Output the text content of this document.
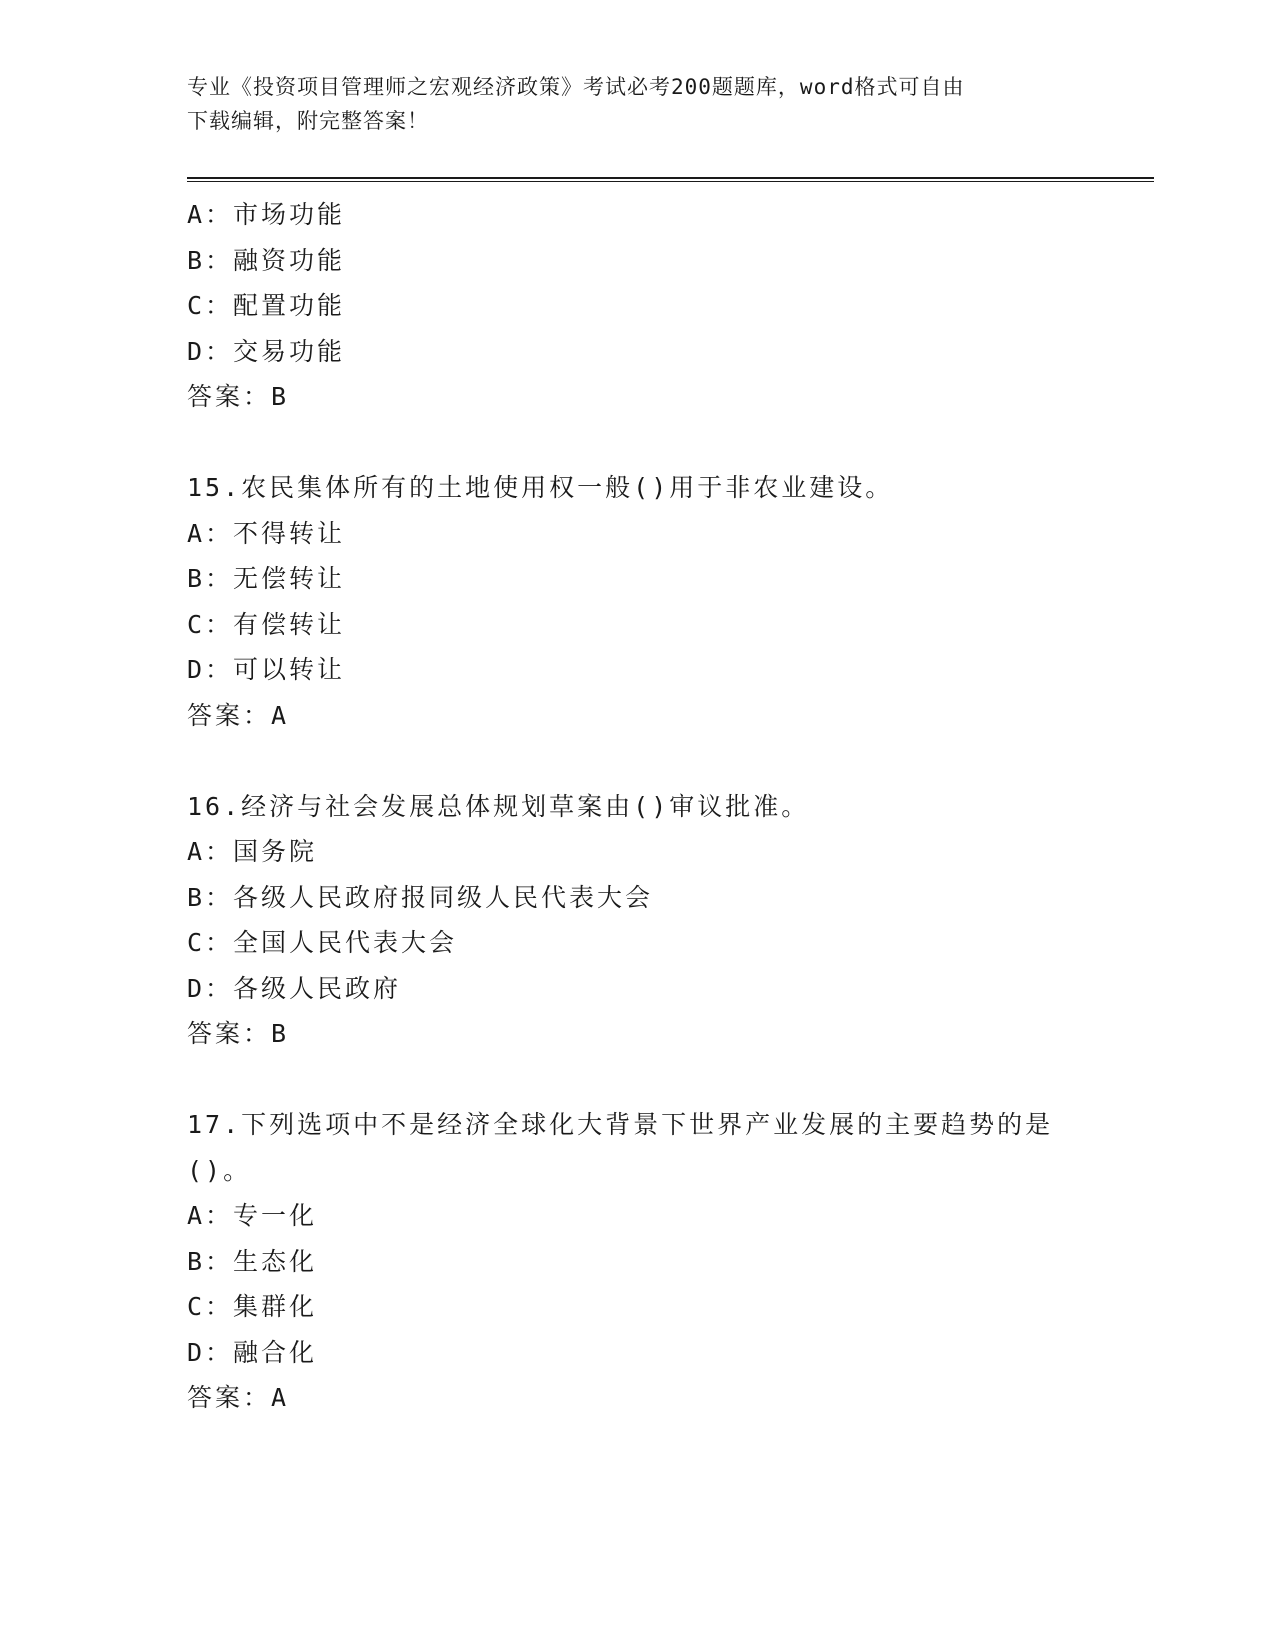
专业《投资项目管理师之宏观经济政策》考试必考200题题库，word格式可自由
下载编辑，附完整答案！
A：市场功能
B：融资功能
C：配置功能
D：交易功能
答案：B
15.农民集体所有的土地使用权一般()用于非农业建设。
A：不得转让
B：无偿转让
C：有偿转让
D：可以转让
答案：A
16.经济与社会发展总体规划草案由()审议批准。
A：国务院
B：各级人民政府报同级人民代表大会
C：全国人民代表大会
D：各级人民政府
答案：B
17.下列选项中不是经济全球化大背景下世界产业发展的主要趋势的是
()。
A：专一化
B：生态化
C：集群化
D：融合化
答案：A
